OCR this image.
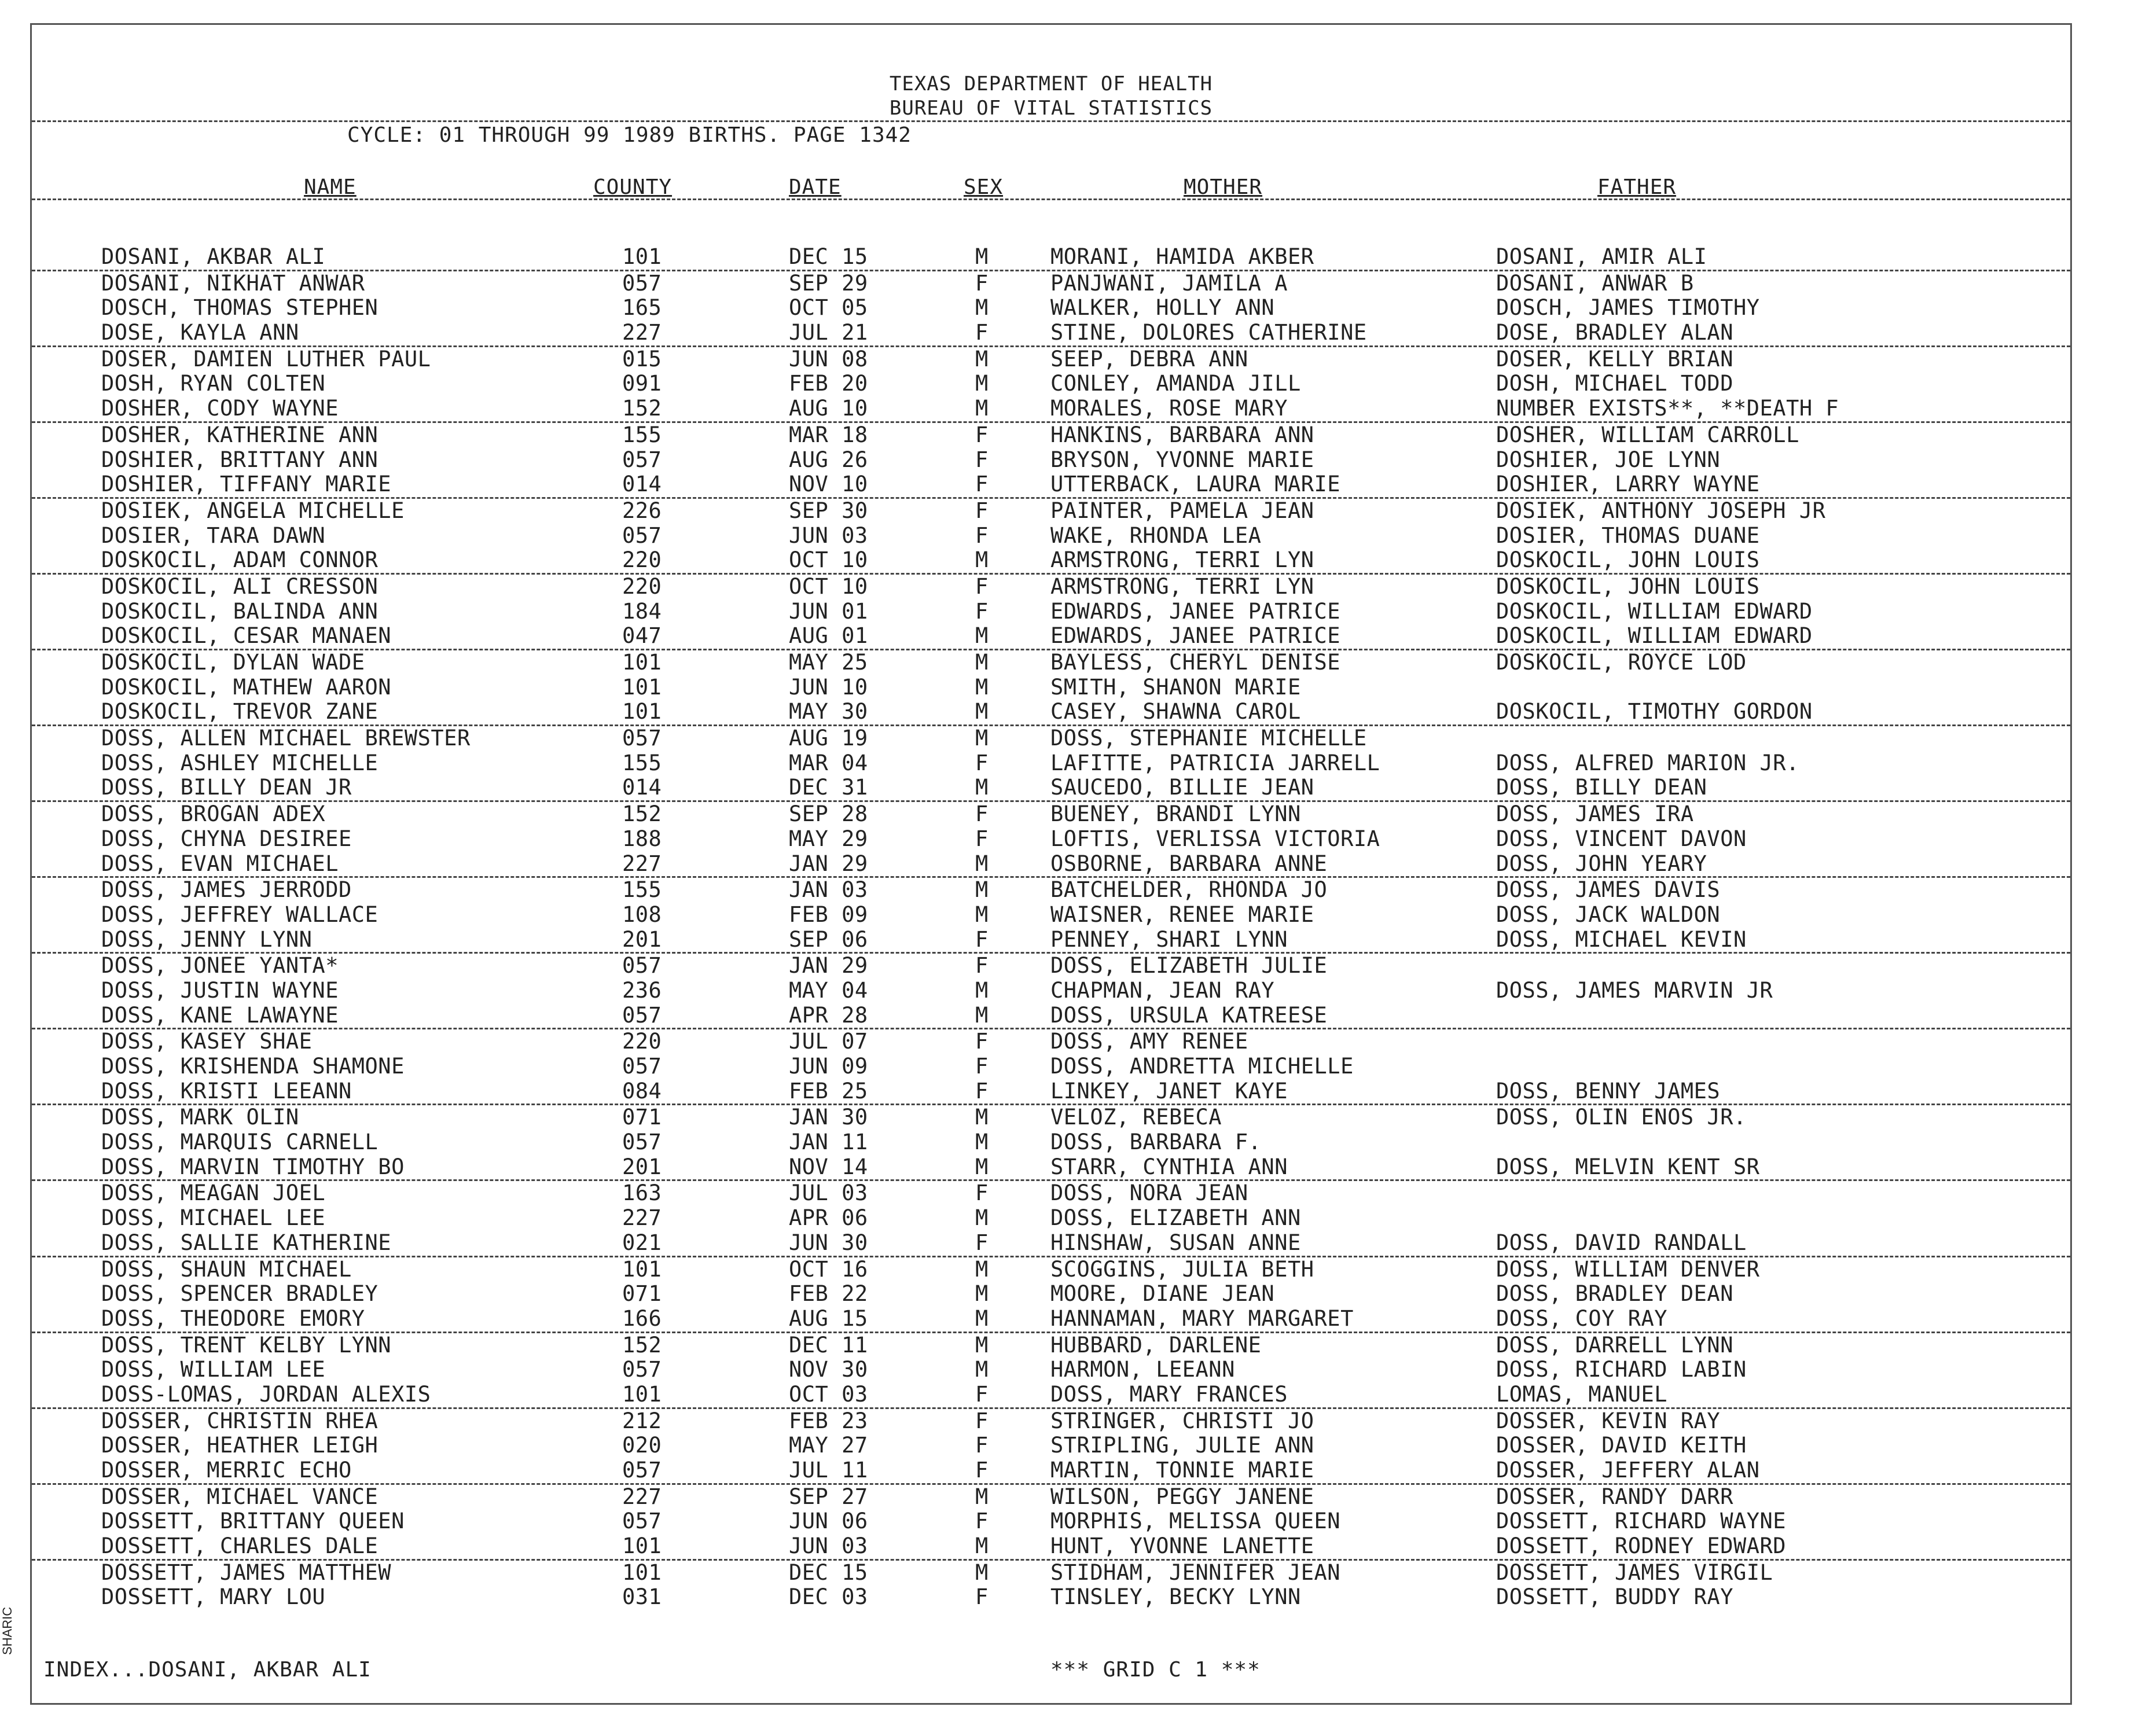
TEXAS DEPARTMENT OF HEALTH
BUREAU OF VITAL STATISTICS
CYCLE: 01 THROUGH 99 1989 BIRTHS. PAGE 1342
NAME	COUNTY	DATE	SEX	MOTHER	FATHER
DOSANI, AKBAR ALI	101	DEC 15	M	MORANI, HAMIDA AKBER	DOSANI, AMIR ALI
DOSANI, NIKHAT ANWAR	057	SEP 29	F	PANJWANI, JAMILA A	DOSANI, ANWAR B
DOSCH, THOMAS STEPHEN	165	OCT 05	M	WALKER, HOLLY ANN	DOSCH, JAMES TIMOTHY
DOSE, KAYLA ANN	227	JUL 21	F	STINE, DOLORES CATHERINE	DOSE, BRADLEY ALAN
DOSER, DAMIEN LUTHER PAUL	015	JUN 08	M	SEEP, DEBRA ANN	DOSER, KELLY BRIAN
DOSH, RYAN COLTEN	091	FEB 20	M	CONLEY, AMANDA JILL	DOSH, MICHAEL TODD
DOSHER, CODY WAYNE	152	AUG 10	M	MORALES, ROSE MARY	NUMBER EXISTS**, **DEATH F
DOSHER, KATHERINE ANN	155	MAR 18	F	HANKINS, BARBARA ANN	DOSHER, WILLIAM CARROLL
DOSHIER, BRITTANY ANN	057	AUG 26	F	BRYSON, YVONNE MARIE	DOSHIER, JOE LYNN
DOSHIER, TIFFANY MARIE	014	NOV 10	F	UTTERBACK, LAURA MARIE	DOSHIER, LARRY WAYNE
DOSIEK, ANGELA MICHELLE	226	SEP 30	F	PAINTER, PAMELA JEAN	DOSIEK, ANTHONY JOSEPH JR
DOSIER, TARA DAWN	057	JUN 03	F	WAKE, RHONDA LEA	DOSIER, THOMAS DUANE
DOSKOCIL, ADAM CONNOR	220	OCT 10	M	ARMSTRONG, TERRI LYN	DOSKOCIL, JOHN LOUIS
DOSKOCIL, ALI CRESSON	220	OCT 10	F	ARMSTRONG, TERRI LYN	DOSKOCIL, JOHN LOUIS
DOSKOCIL, BALINDA ANN	184	JUN 01	F	EDWARDS, JANEE PATRICE	DOSKOCIL, WILLIAM EDWARD
DOSKOCIL, CESAR MANAEN	047	AUG 01	M	EDWARDS, JANEE PATRICE	DOSKOCIL, WILLIAM EDWARD
DOSKOCIL, DYLAN WADE	101	MAY 25	M	BAYLESS, CHERYL DENISE	DOSKOCIL, ROYCE LOD
DOSKOCIL, MATHEW AARON	101	JUN 10	M	SMITH, SHANON MARIE
DOSKOCIL, TREVOR ZANE	101	MAY 30	M	CASEY, SHAWNA CAROL	DOSKOCIL, TIMOTHY GORDON
DOSS, ALLEN MICHAEL BREWSTER	057	AUG 19	M	DOSS, STEPHANIE MICHELLE
DOSS, ASHLEY MICHELLE	155	MAR 04	F	LAFITTE, PATRICIA JARRELL	DOSS, ALFRED MARION JR.
DOSS, BILLY DEAN JR	014	DEC 31	M	SAUCEDO, BILLIE JEAN	DOSS, BILLY DEAN
DOSS, BROGAN ADEX	152	SEP 28	F	BUENEY, BRANDI LYNN	DOSS, JAMES IRA
DOSS, CHYNA DESIREE	188	MAY 29	F	LOFTIS, VERLISSA VICTORIA	DOSS, VINCENT DAVON
DOSS, EVAN MICHAEL	227	JAN 29	M	OSBORNE, BARBARA ANNE	DOSS, JOHN YEARY
DOSS, JAMES JERRODD	155	JAN 03	M	BATCHELDER, RHONDA JO	DOSS, JAMES DAVIS
DOSS, JEFFREY WALLACE	108	FEB 09	M	WAISNER, RENEE MARIE	DOSS, JACK WALDON
DOSS, JENNY LYNN	201	SEP 06	F	PENNEY, SHARI LYNN	DOSS, MICHAEL KEVIN
DOSS, JONEE YANTA*	057	JAN 29	F	DOSS, ELIZABETH JULIE
DOSS, JUSTIN WAYNE	236	MAY 04	M	CHAPMAN, JEAN RAY	DOSS, JAMES MARVIN JR
DOSS, KANE LAWAYNE	057	APR 28	M	DOSS, URSULA KATREESE
DOSS, KASEY SHAE	220	JUL 07	F	DOSS, AMY RENEE
DOSS, KRISHENDA SHAMONE	057	JUN 09	F	DOSS, ANDRETTA MICHELLE
DOSS, KRISTI LEEANN	084	FEB 25	F	LINKEY, JANET KAYE	DOSS, BENNY JAMES
DOSS, MARK OLIN	071	JAN 30	M	VELOZ, REBECA	DOSS, OLIN ENOS JR.
DOSS, MARQUIS CARNELL	057	JAN 11	M	DOSS, BARBARA F.
DOSS, MARVIN TIMOTHY BO	201	NOV 14	M	STARR, CYNTHIA ANN	DOSS, MELVIN KENT SR
DOSS, MEAGAN JOEL	163	JUL 03	F	DOSS, NORA JEAN
DOSS, MICHAEL LEE	227	APR 06	M	DOSS, ELIZABETH ANN
DOSS, SALLIE KATHERINE	021	JUN 30	F	HINSHAW, SUSAN ANNE	DOSS, DAVID RANDALL
DOSS, SHAUN MICHAEL	101	OCT 16	M	SCOGGINS, JULIA BETH	DOSS, WILLIAM DENVER
DOSS, SPENCER BRADLEY	071	FEB 22	M	MOORE, DIANE JEAN	DOSS, BRADLEY DEAN
DOSS, THEODORE EMORY	166	AUG 15	M	HANNAMAN, MARY MARGARET	DOSS, COY RAY
DOSS, TRENT KELBY LYNN	152	DEC 11	M	HUBBARD, DARLENE	DOSS, DARRELL LYNN
DOSS, WILLIAM LEE	057	NOV 30	M	HARMON, LEEANN	DOSS, RICHARD LABIN
DOSS-LOMAS, JORDAN ALEXIS	101	OCT 03	F	DOSS, MARY FRANCES	LOMAS, MANUEL
DOSSER, CHRISTIN RHEA	212	FEB 23	F	STRINGER, CHRISTI JO	DOSSER, KEVIN RAY
DOSSER, HEATHER LEIGH	020	MAY 27	F	STRIPLING, JULIE ANN	DOSSER, DAVID KEITH
DOSSER, MERRIC ECHO	057	JUL 11	F	MARTIN, TONNIE MARIE	DOSSER, JEFFERY ALAN
DOSSER, MICHAEL VANCE	227	SEP 27	M	WILSON, PEGGY JANENE	DOSSER, RANDY DARR
DOSSETT, BRITTANY QUEEN	057	JUN 06	F	MORPHIS, MELISSA QUEEN	DOSSETT, RICHARD WAYNE
DOSSETT, CHARLES DALE	101	JUN 03	M	HUNT, YVONNE LANETTE	DOSSETT, RODNEY EDWARD
DOSSETT, JAMES MATTHEW	101	DEC 15	M	STIDHAM, JENNIFER JEAN	DOSSETT, JAMES VIRGIL
DOSSETT, MARY LOU	031	DEC 03	F	TINSLEY, BECKY LYNN	DOSSETT, BUDDY RAY
INDEX...DOSANI, AKBAR ALI	*** GRID C 1 ***
SHARIC
